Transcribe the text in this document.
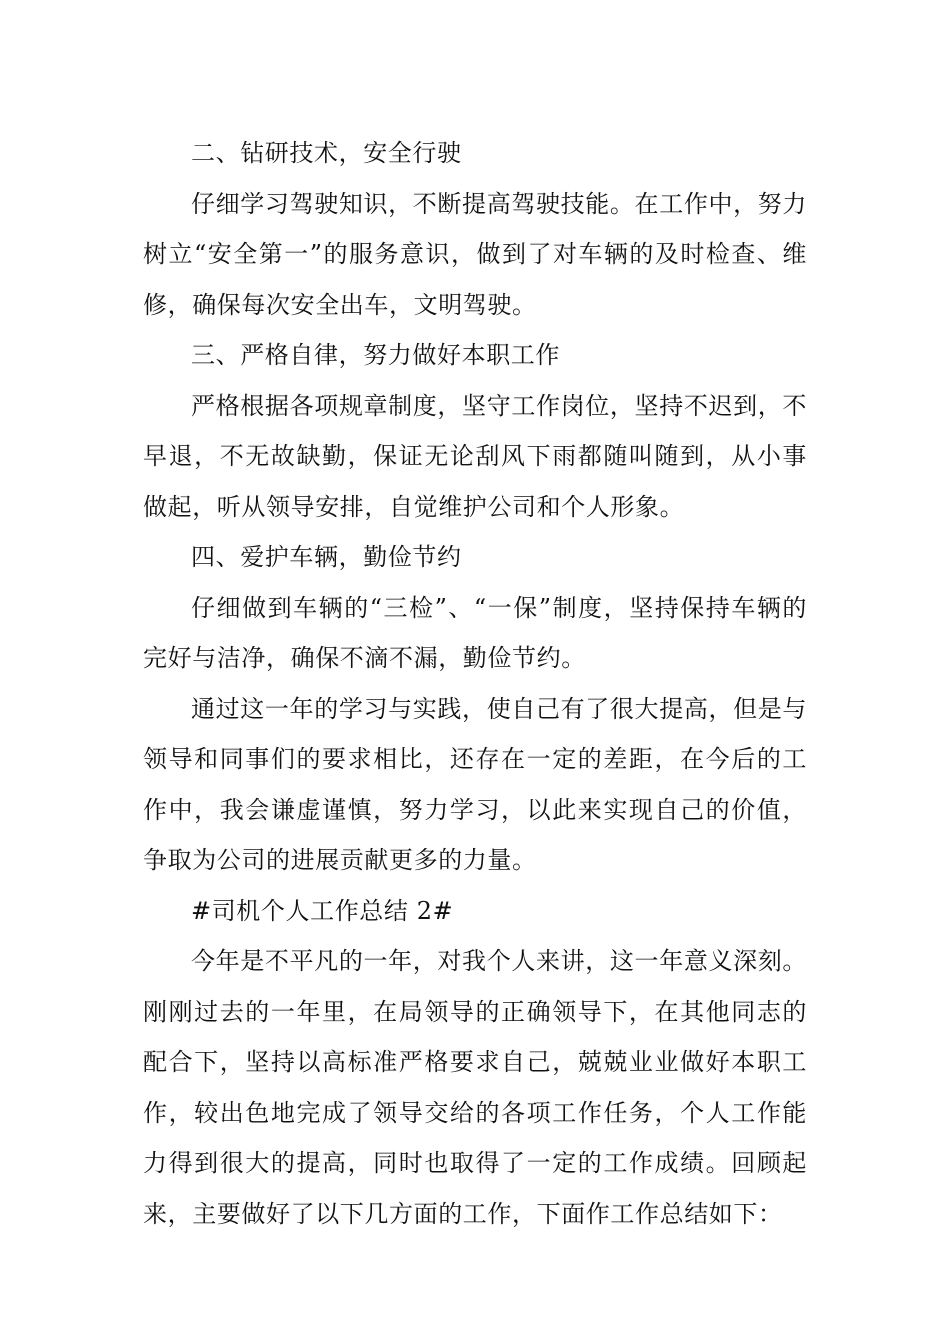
二、钻研技术，安全行驶

仔细学习驾驶知识，不断提高驾驶技能。在工作中，努力树立“安全第一”的服务意识，做到了对车辆的及时检查、维修，确保每次安全出车，文明驾驶。

三、严格自律，努力做好本职工作

严格根据各项规章制度，坚守工作岗位，坚持不迟到，不早退，不无故缺勤，保证无论刮风下雨都随叫随到，从小事做起，听从领导安排，自觉维护公司和个人形象。

四、爱护车辆，勤俭节约

仔细做到车辆的“三检”、“一保”制度，坚持保持车辆的完好与洁净，确保不滴不漏，勤俭节约。

通过这一年的学习与实践，使自己有了很大提高，但是与领导和同事们的要求相比，还存在一定的差距，在今后的工作中，我会谦虚谨慎，努力学习，以此来实现自己的价值，争取为公司的进展贡献更多的力量。

#司机个人工作总结 2#

今年是不平凡的一年，对我个人来讲，这一年意义深刻。刚刚过去的一年里，在局领导的正确领导下，在其他同志的配合下，坚持以高标准严格要求自己，兢兢业业做好本职工作，较出色地完成了领导交给的各项工作任务，个人工作能力得到很大的提高，同时也取得了一定的工作成绩。回顾起来，主要做好了以下几方面的工作，下面作工作总结如下：
